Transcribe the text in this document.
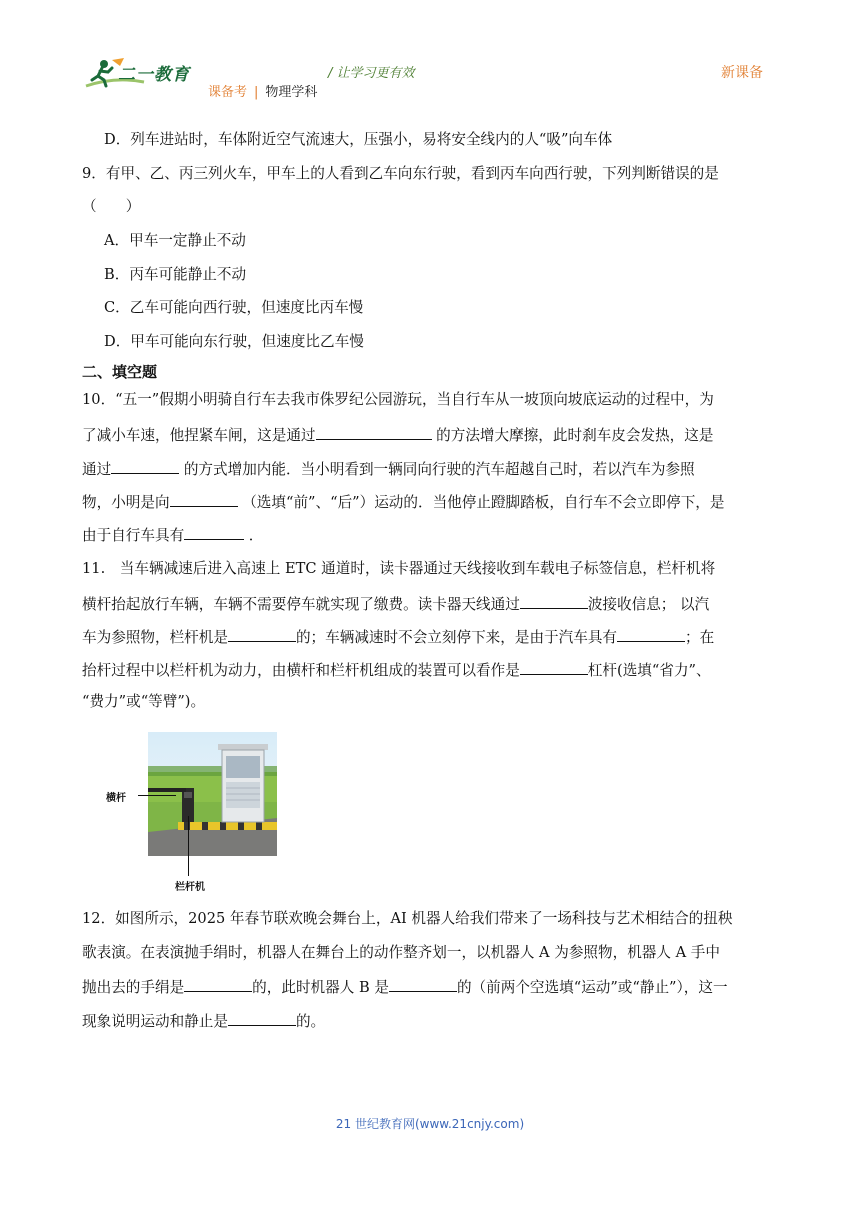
二一教育	/ 让学习更有效	新课备
课备考 | 物理学科
D．列车进站时，车体附近空气流速大，压强小，易将安全线内的人“吸”向车体
9．有甲、乙、丙三列火车，甲车上的人看到乙车向东行驶，看到丙车向西行驶，下列判断错误的是
（　　）
A．甲车一定静止不动
B．丙车可能静止不动
C．乙车可能向西行驶，但速度比丙车慢
D．甲车可能向东行驶，但速度比乙车慢
二、填空题
10．“五一”假期小明骑自行车去我市侏罗纪公园游玩，当自行车从一坡顶向坡底运动的过程中，为
了减小车速，他捏紧车闸，这是通过	的方法增大摩擦，此时刹车皮会发热，这是
通过	的方式增加内能．当小明看到一辆同向行驶的汽车超越自己时，若以汽车为参照
物，小明是向	（选填“前”、“后”）运动的．当他停止蹬脚踏板，自行车不会立即停下，是
由于自行车具有	．
11.　当车辆减速后进入高速上 ETC 通道时，读卡器通过天线接收到车载电子标签信息，栏杆机将
横杆抬起放行车辆，车辆不需要停车就实现了缴费。读卡器天线通过	波接收信息； 以汽
车为参照物，栏杆机是	的；车辆减速时不会立刻停下来，是由于汽车具有	；在
抬杆过程中以栏杆机为动力，由横杆和栏杆机组成的装置可以看作是	杠杆(选填“省力”、
“费力”或“等臂”)。
横杆
栏杆机
12．如图所示，2025 年春节联欢晚会舞台上，AI 机器人给我们带来了一场科技与艺术相结合的扭秧
歌表演。在表演抛手绢时，机器人在舞台上的动作整齐划一，以机器人 A 为参照物，机器人 A 手中
抛出去的手绢是	的，此时机器人 B 是	的（前两个空选填“运动”或“静止”），这一
现象说明运动和静止是	的。
21 世纪教育网(www.21cnjy.com)
